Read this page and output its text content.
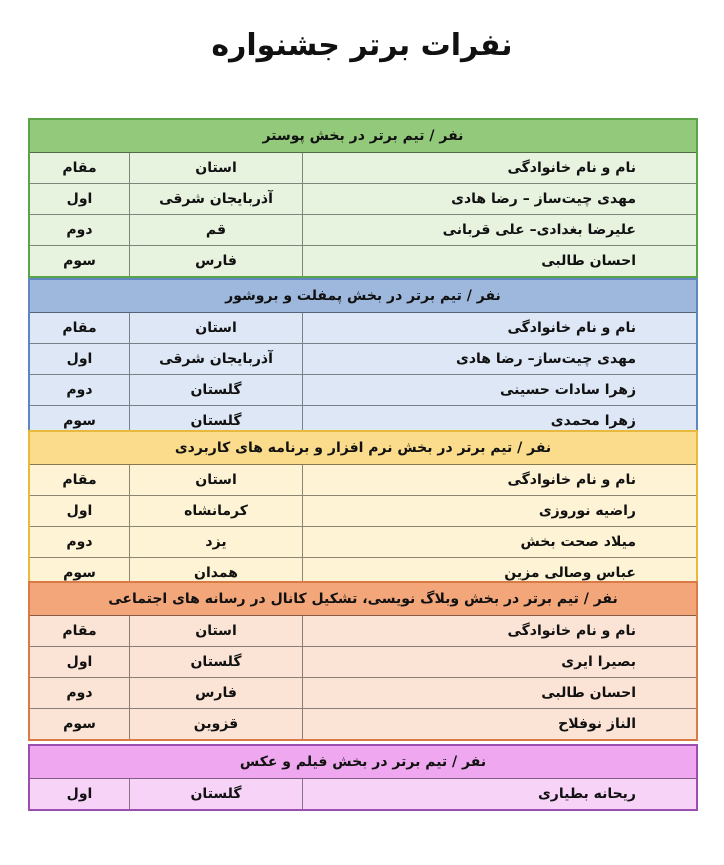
نفرات برتر جشنواره
نفر / تیم برتر در بخش پوستر
مقام	استان	نام و نام خانوادگی
اول	آذربایجان شرقی	مهدی چیت‌ساز – رضا هادی
دوم	قم	علیرضا بغدادی– علی قربانی
سوم	فارس	احسان طالبی
نفر / تیم برتر در بخش پمفلت و بروشور
مقام	استان	نام و نام خانوادگی
اول	آذربایجان شرقی	مهدی چیت‌ساز– رضا هادی
دوم	گلستان	زهرا سادات حسینی
سوم	گلستان	زهرا محمدی
نفر / تیم برتر در بخش نرم افزار و برنامه های کاربردی
مقام	استان	نام و نام خانوادگی
اول	کرمانشاه	راضیه نوروزی
دوم	یزد	میلاد صحت بخش
سوم	همدان	عباس وصالی مزین
نفر / تیم برتر در بخش وبلاگ نویسی، تشکیل کانال در رسانه های اجتماعی
مقام	استان	نام و نام خانوادگی
اول	گلستان	بصیرا ایری
دوم	فارس	احسان طالبی
سوم	قزوین	الناز نوفلاح
نفر / تیم برتر در بخش فیلم و عکس
اول	گلستان	ریحانه بطیاری
